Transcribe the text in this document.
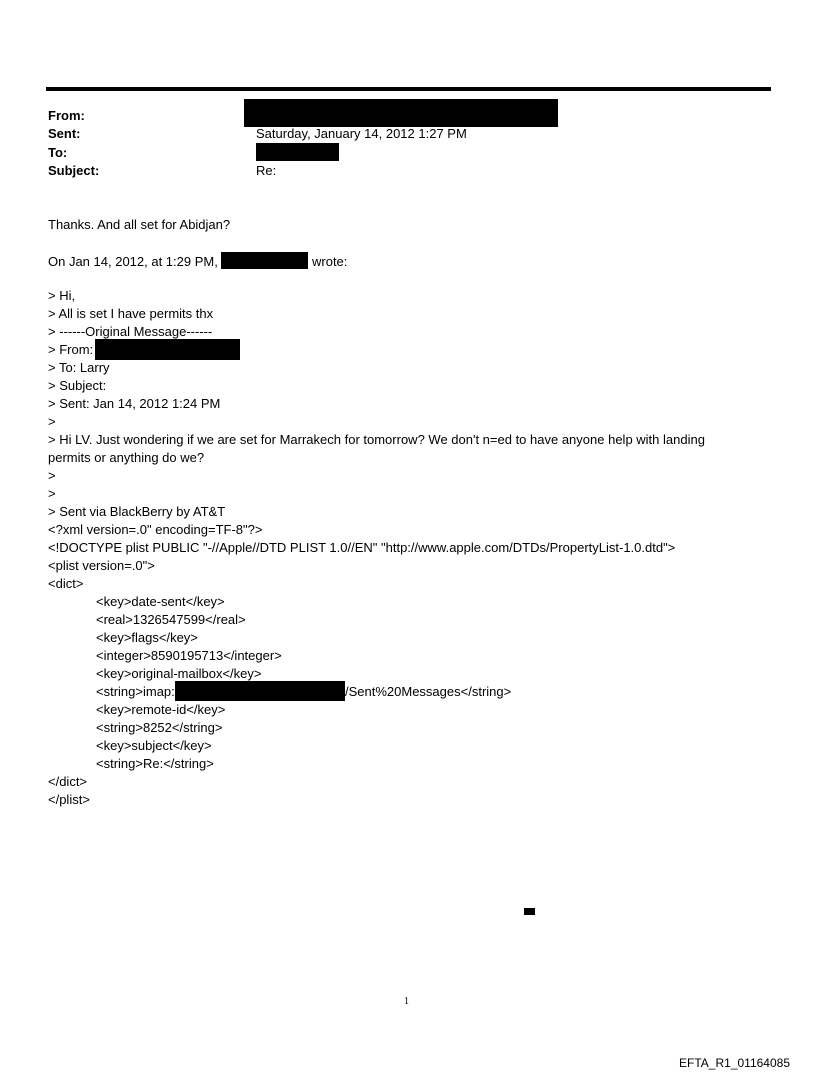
From:
Sent:
To:
Subject:
Saturday, January 14, 2012 1:27 PM
Re:
Thanks. And all set for Abidjan?
On Jan 14, 2012, at 1:29 PM,	wrote:
> Hi,
> All is set I have permits thx
> ------Original Message------
> From:
> To: Larry
> Subject:
> Sent: Jan 14, 2012 1:24 PM
>
> Hi LV. Just wondering if we are set for Marrakech for tomorrow? We don't n=ed to have anyone help with landing
permits or anything do we?
>
>
> Sent via BlackBerry by AT&T
<?xml version=.0" encoding=TF-8"?>
<!DOCTYPE plist PUBLIC "-//Apple//DTD PLIST 1.0//EN" "http://www.apple.com/DTDs/PropertyList-1.0.dtd">
<plist version=.0">
<dict>
<key>date-sent</key>
<real>1326547599</real>
<key>flags</key>
<integer>8590195713</integer>
<key>original-mailbox</key>
<string>imap:	/Sent%20Messages</string>
<key>remote-id</key>
<string>8252</string>
<key>subject</key>
<string>Re:</string>
</dict>
</plist>
1
EFTA_R1_01164085
